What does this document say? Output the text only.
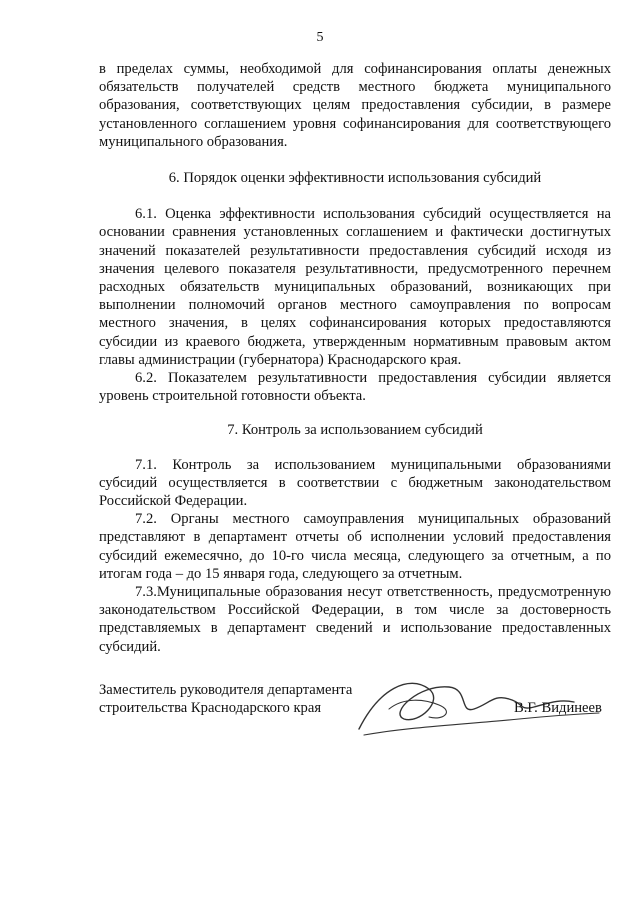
5

в пределах суммы, необходимой для софинансирования оплаты денежных обязательств получателей средств местного бюджета муниципального образования, соответствующих целям предоставления субсидии, в размере установленного соглашением уровня софинансирования для соответствующего муниципального образования.

6. Порядок оценки эффективности использования субсидий

6.1. Оценка эффективности использования субсидий осуществляется на основании сравнения установленных соглашением и фактически достигнутых значений показателей результативности предоставления субсидий исходя из значения целевого показателя результативности, предусмотренного перечнем расходных обязательств муниципальных образований, возникающих при выполнении полномочий органов местного самоуправления по вопросам местного значения, в целях софинансирования которых предоставляются субсидии из краевого бюджета, утвержденным нормативным правовым актом главы администрации (губернатора) Краснодарского края.

6.2. Показателем результативности предоставления субсидии является уровень строительной готовности объекта.

7. Контроль за использованием субсидий

7.1. Контроль за использованием муниципальными образованиями субсидий осуществляется в соответствии с бюджетным законодательством Российской Федерации.

7.2. Органы местного самоуправления муниципальных образований представляют в департамент отчеты об исполнении условий предоставления субсидий ежемесячно, до 10-го числа месяца, следующего за отчетным, а по итогам года – до 15 января года, следующего за отчетным.

7.3.Муниципальные образования несут ответственность, предусмотренную законодательством Российской Федерации, в том числе за достоверность представляемых в департамент сведений и использование предоставленных субсидий.

Заместитель руководителя департамента
строительства Краснодарского края	В.Г. Видинеев
